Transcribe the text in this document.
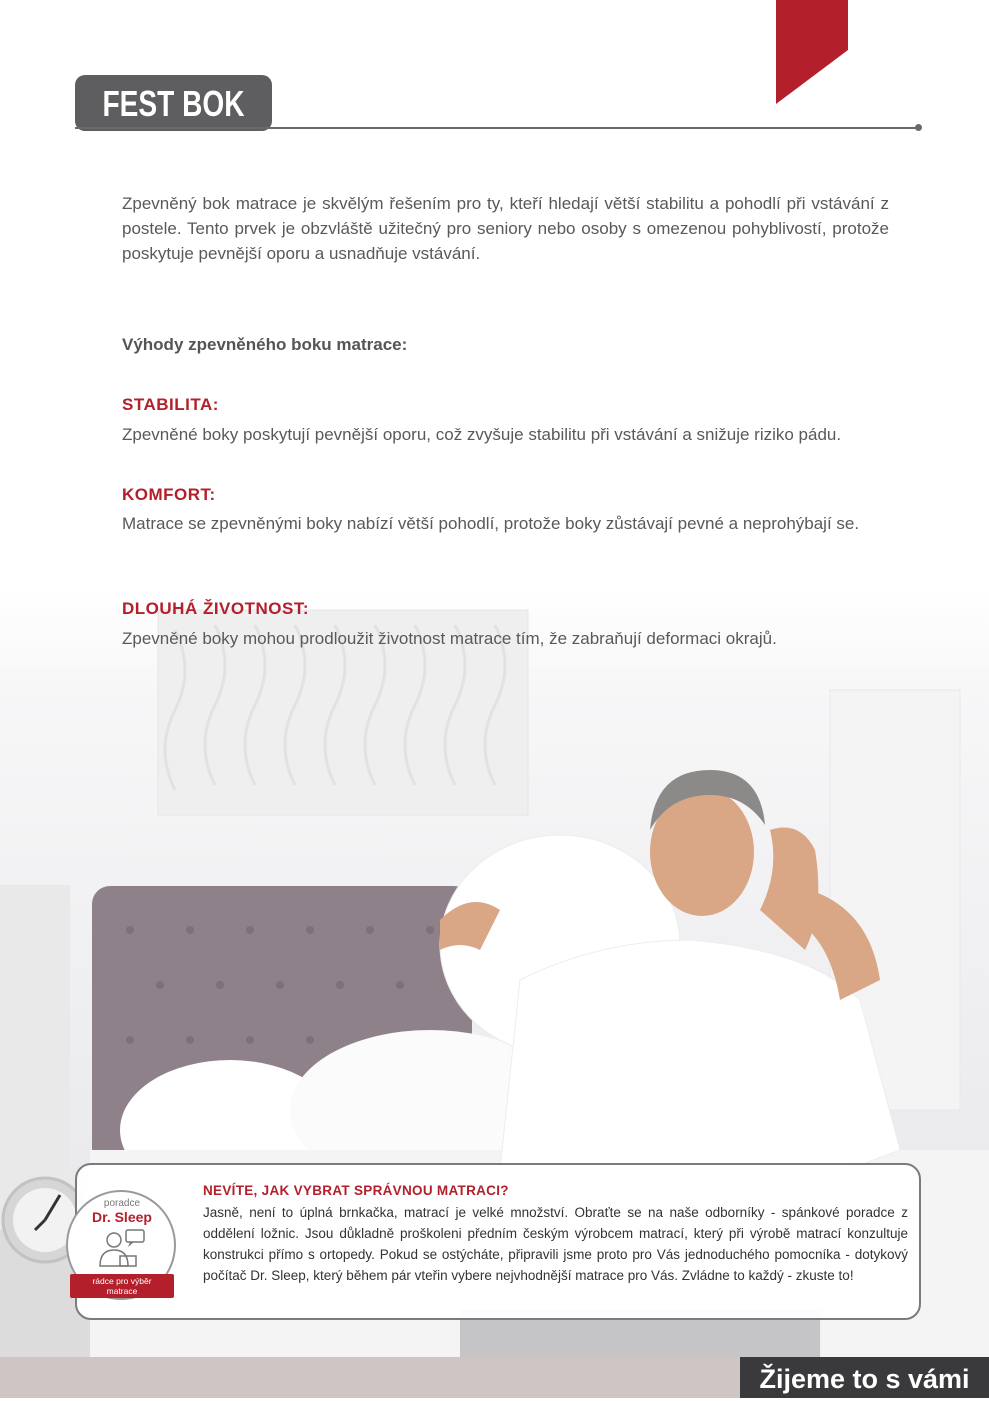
FEST BOK
Zpevněný bok matrace je skvělým řešením pro ty, kteří hledají větší stabilitu a pohodlí při vstávání z postele. Tento prvek je obzvláště užitečný pro seniory nebo osoby s omezenou pohyblivostí, protože poskytuje pevnější oporu a usnadňuje vstávání.
Výhody zpevněného boku matrace:
STABILITA:
Zpevněné boky poskytují pevnější oporu, což zvyšuje stabilitu při vstávání a snižuje riziko pádu.
KOMFORT:
Matrace se zpevněnými boky nabízí větší pohodlí, protože boky zůstávají pevné a neprohýbají se.
DLOUHÁ ŽIVOTNOST:
Zpevněné boky mohou prodloužit životnost matrace tím, že zabraňují deformaci okrajů.
NEVÍTE, JAK VYBRAT SPRÁVNOU MATRACI?
Jasně, není to úplná brnkačka, matrací je velké množství. Obraťte se na naše odborníky - spánkové poradce z oddělení ložnic. Jsou důkladně proškoleni předním českým výrobcem matrací, který při výrobě matrací konzultuje konstrukci přímo s ortopedy. Pokud se ostýcháte, připravili jsme proto pro Vás jednoduchého pomocníka - dotykový počítač Dr. Sleep, který během pár vteřin vybere nejvhodnější matrace pro Vás. Zvládne to každý - zkuste to!
poradce
Dr. Sleep
rádce pro výběr
matrace
Žijeme to s vámi
